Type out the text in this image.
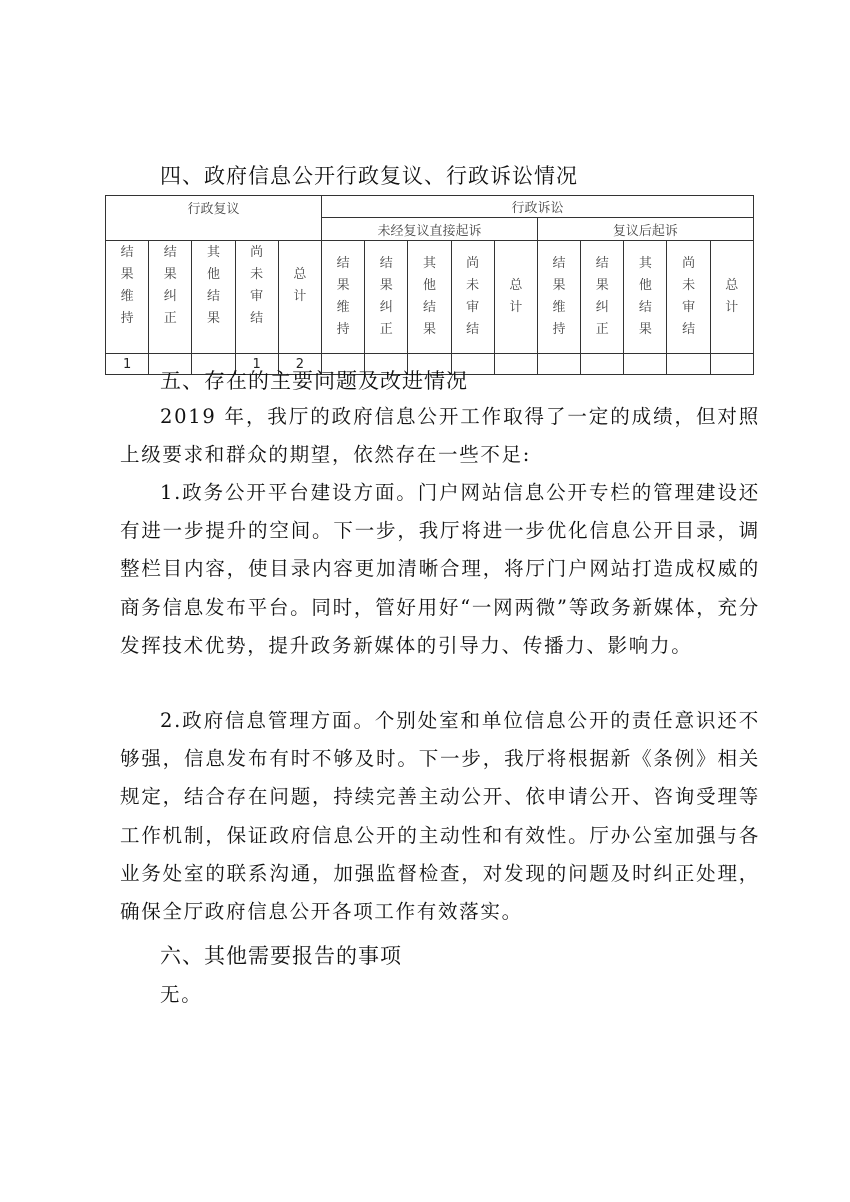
四、政府信息公开行政复议、行政诉讼情况
行政复议					行政诉讼									
					未经复议直接起诉					复议后起诉				
结果维持	结果纠正	其他结果	尚未审结	总计	结果维持	结果纠正	其他结果	尚未审结	总计	结果维持	结果纠正	其他结果	尚未审结	总计
1			1	2										
五、存在的主要问题及改进情况
2019 年，我厅的政府信息公开工作取得了一定的成绩，但对照上级要求和群众的期望，依然存在一些不足:
1.政务公开平台建设方面。门户网站信息公开专栏的管理建设还有进一步提升的空间。下一步，我厅将进一步优化信息公开目录，调整栏目内容，使目录内容更加清晰合理，将厅门户网站打造成权威的商务信息发布平台。同时，管好用好“一网两微”等政务新媒体，充分发挥技术优势，提升政务新媒体的引导力、传播力、影响力。
2.政府信息管理方面。个别处室和单位信息公开的责任意识还不够强，信息发布有时不够及时。下一步，我厅将根据新《条例》相关规定，结合存在问题，持续完善主动公开、依申请公开、咨询受理等工作机制，保证政府信息公开的主动性和有效性。厅办公室加强与各业务处室的联系沟通，加强监督检查，对发现的问题及时纠正处理，确保全厅政府信息公开各项工作有效落实。
六、其他需要报告的事项
无。
